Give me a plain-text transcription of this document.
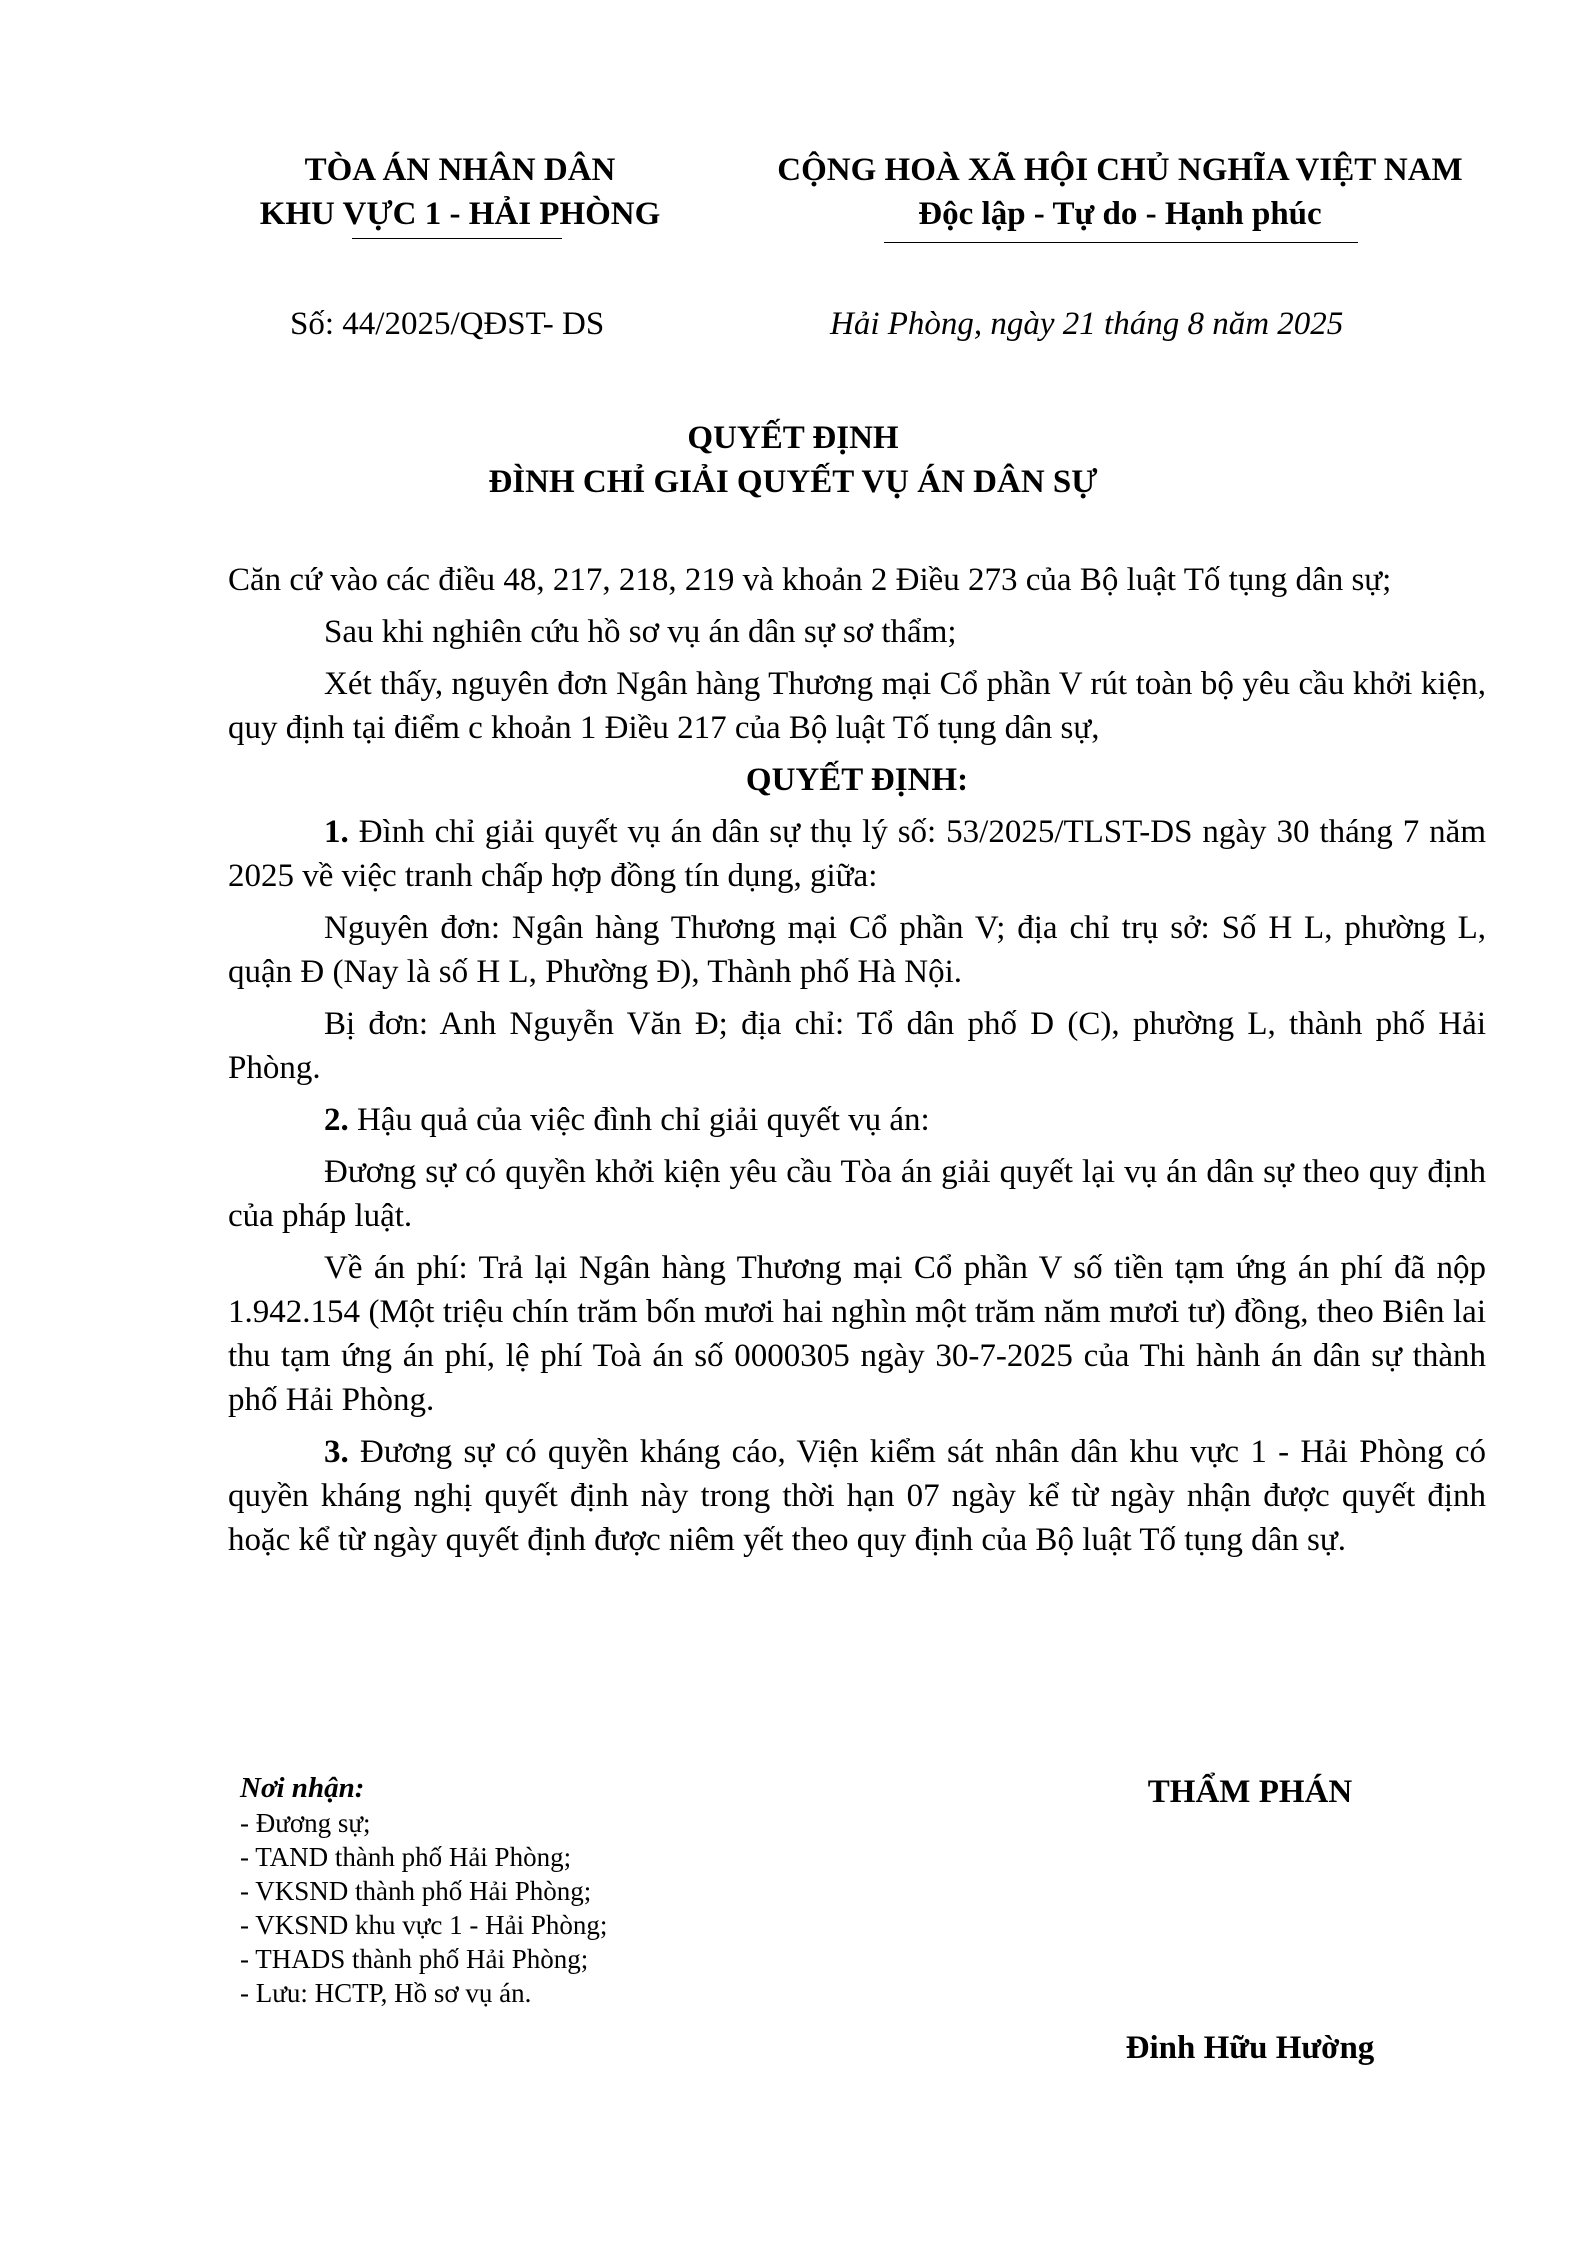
TÒA ÁN NHÂN DÂN
KHU VỰC 1 - HẢI PHÒNG
CỘNG HOÀ XÃ HỘI CHỦ NGHĨA VIỆT NAM
Độc lập - Tự do - Hạnh phúc
Số: 44/2025/QĐST- DS	Hải Phòng, ngày 21 tháng 8 năm 2025
QUYẾT ĐỊNH
ĐÌNH CHỈ GIẢI QUYẾT VỤ ÁN DÂN SỰ

Căn cứ vào các điều 48, 217, 218, 219 và khoản 2 Điều 273 của Bộ luật Tố tụng dân sự;

Sau khi nghiên cứu hồ sơ vụ án dân sự sơ thẩm;

Xét thấy, nguyên đơn Ngân hàng Thương mại Cổ phần V rút toàn bộ yêu cầu khởi kiện, quy định tại điểm c khoản 1 Điều 217 của Bộ luật Tố tụng dân sự,

QUYẾT ĐỊNH:

1. Đình chỉ giải quyết vụ án dân sự thụ lý số: 53/2025/TLST-DS ngày 30 tháng 7 năm 2025 về việc tranh chấp hợp đồng tín dụng, giữa:

Nguyên đơn: Ngân hàng Thương mại Cổ phần V; địa chỉ trụ sở: Số H L, phường L, quận Đ (Nay là số H L, Phường Đ), Thành phố Hà Nội.

Bị đơn: Anh Nguyễn Văn Đ; địa chỉ: Tổ dân phố D (C), phường L, thành phố Hải Phòng.

2. Hậu quả của việc đình chỉ giải quyết vụ án:

Đương sự có quyền khởi kiện yêu cầu Tòa án giải quyết lại vụ án dân sự theo quy định của pháp luật.

Về án phí: Trả lại Ngân hàng Thương mại Cổ phần V số tiền tạm ứng án phí đã nộp 1.942.154 (Một triệu chín trăm bốn mươi hai nghìn một trăm năm mươi tư) đồng, theo Biên lai thu tạm ứng án phí, lệ phí Toà án số 0000305 ngày 30-7-2025 của Thi hành án dân sự thành phố Hải Phòng.

3. Đương sự có quyền kháng cáo, Viện kiểm sát nhân dân khu vực 1 - Hải Phòng có quyền kháng nghị quyết định này trong thời hạn 07 ngày kể từ ngày nhận được quyết định hoặc kể từ ngày quyết định được niêm yết theo quy định của Bộ luật Tố tụng dân sự.

Nơi nhận:
- Đương sự;
- TAND thành phố Hải Phòng;
- VKSND thành phố Hải Phòng;
- VKSND khu vực 1 - Hải Phòng;
- THADS thành phố Hải Phòng;
- Lưu: HCTP, Hồ sơ vụ án.
THẨM PHÁN
Đinh Hữu Hường
